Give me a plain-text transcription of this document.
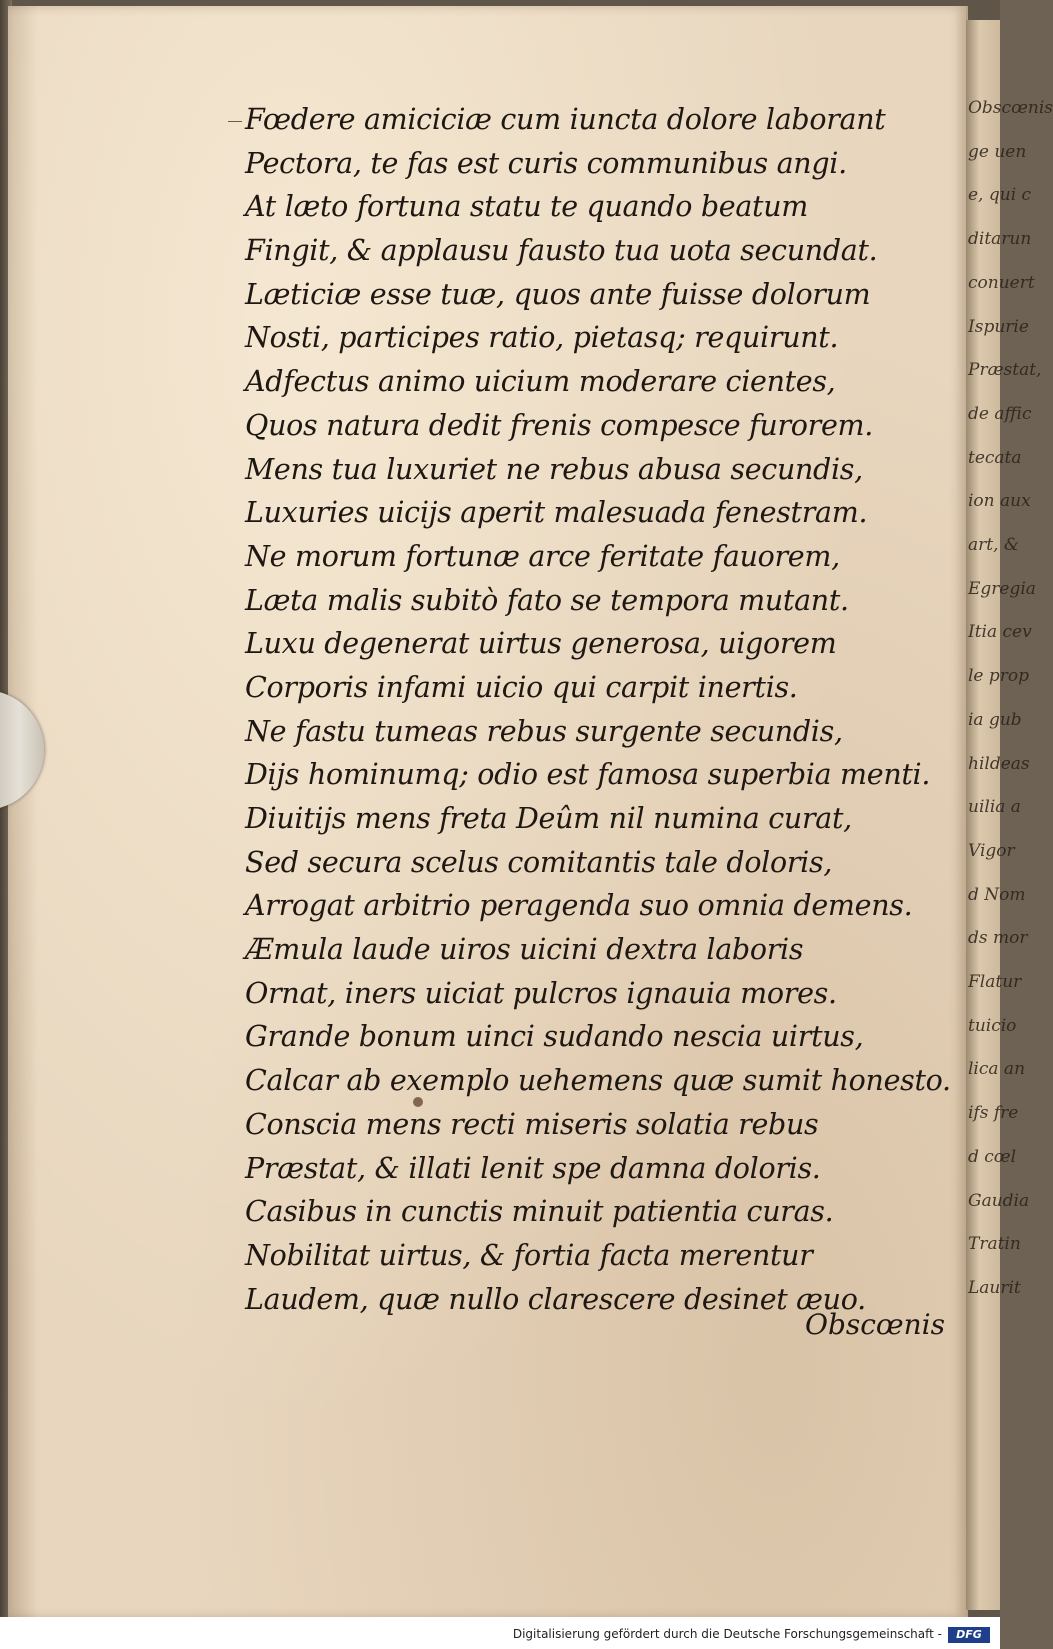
Obscœnis
ge uen
e, qui c
ditarun
conuert
Ispurie
Præstat,
de affic
tecata
ion aux
art, &
Egregia
Itia cev
le prop
ia gub
hildeas
uilia a
Vigor
d Nom
ds mor
Flatur
tuicio
lica an
ifs fre
d cœl
Gaudia
Tratin
Laurit
Fœdere amiciciæ cum iuncta dolore laborant
Pectora, te fas est curis communibus angi.
At læto fortuna statu te quando beatum
Fingit, & applausu fausto tua uota secundat.
Læticiæ esse tuæ, quos ante fuisse dolorum
Nosti, participes ratio, pietasq; requirunt.
Adfectus animo uicium moderare cientes,
Quos natura dedit frenis compesce furorem.
Mens tua luxuriet ne rebus abusa secundis,
Luxuries uicijs aperit malesuada fenestram.
Ne morum fortunæ arce feritate fauorem,
Læta malis subitò fato se tempora mutant.
Luxu degenerat uirtus generosa, uigorem
Corporis infami uicio qui carpit inertis.
Ne fastu tumeas rebus surgente secundis,
Dijs hominumq; odio est famosa superbia menti.
Diuitijs mens freta Deûm nil numina curat,
Sed secura scelus comitantis tale doloris,
Arrogat arbitrio peragenda suo omnia demens.
Æmula laude uiros uicini dextra laboris
Ornat, iners uiciat pulcros ignauia mores.
Grande bonum uinci sudando nescia uirtus,
Calcar ab exemplo uehemens quæ sumit honesto.
Conscia mens recti miseris solatia rebus
Præstat, & illati lenit spe damna doloris.
Casibus in cunctis minuit patientia curas.
Nobilitat uirtus, & fortia facta merentur
Laudem, quæ nullo clarescere desinet æuo.
Obscœnis
Digitalisierung gefördert durch die Deutsche Forschungsgemeinschaft -	DFG
